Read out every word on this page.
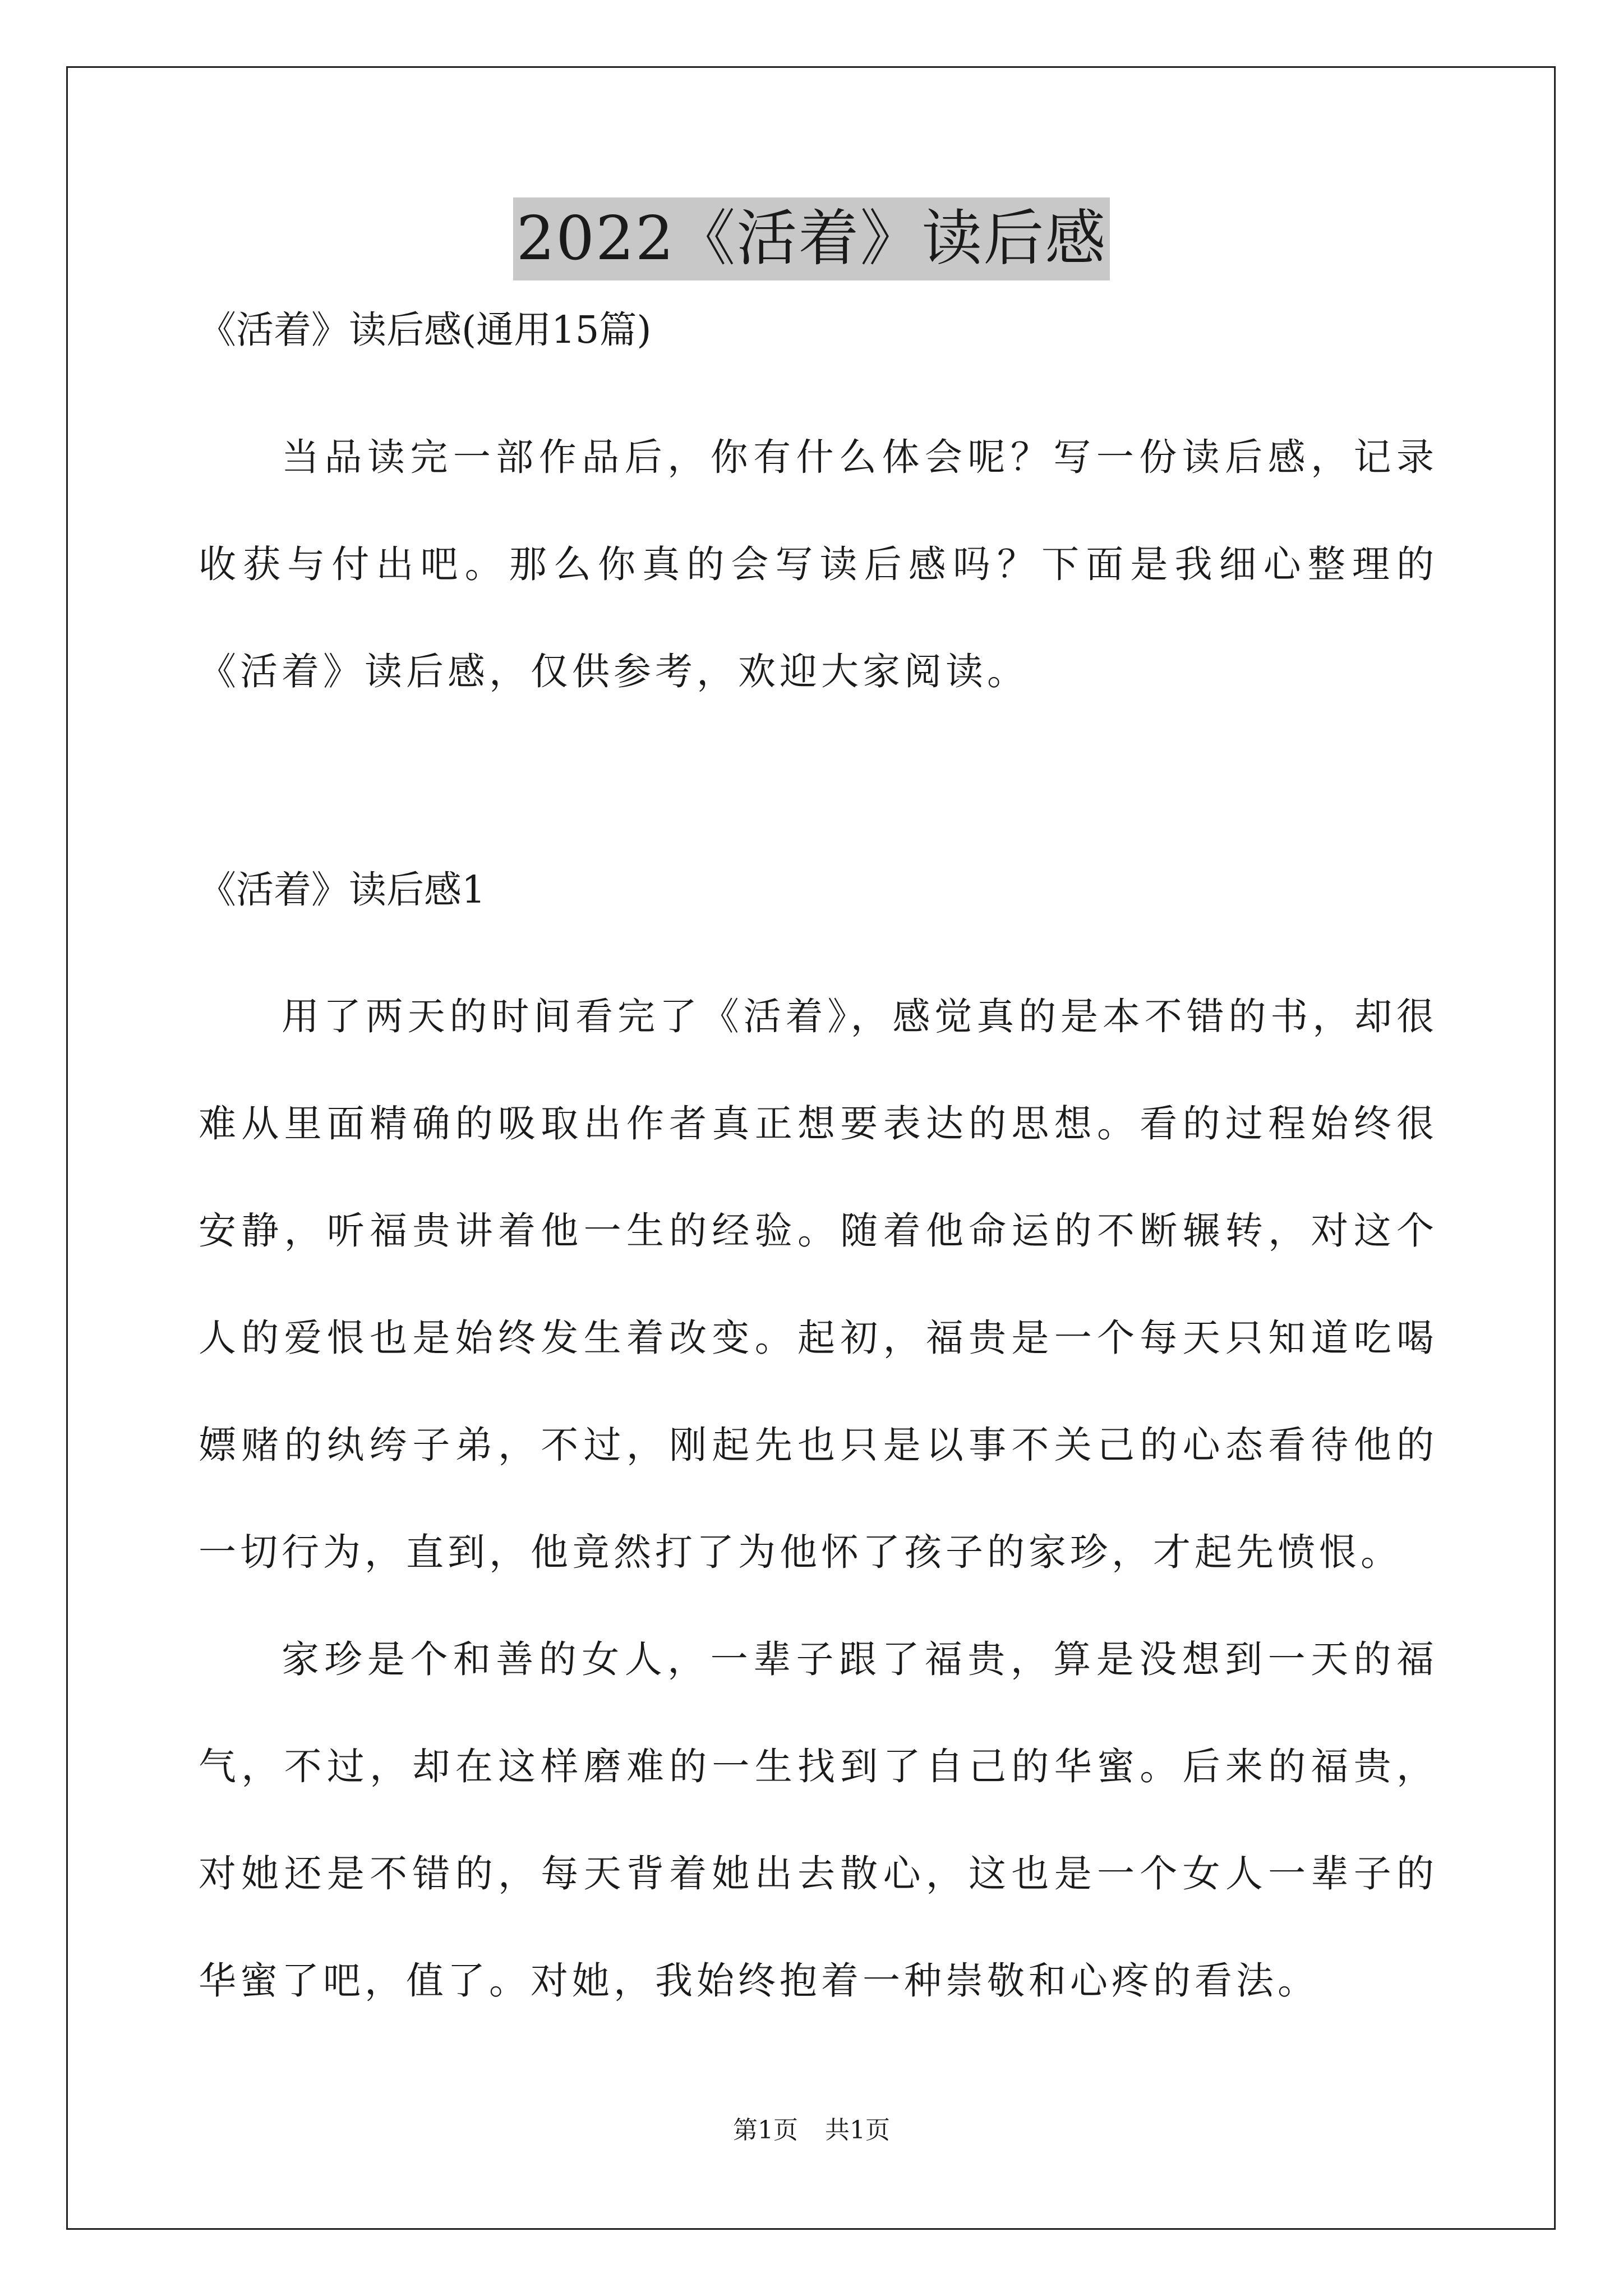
2022《活着》读后感

《活着》读后感(通用15篇)

当品读完一部作品后，你有什么体会呢？写一份读后感，记录收获与付出吧。那么你真的会写读后感吗？下面是我细心整理的《活着》读后感，仅供参考，欢迎大家阅读。

《活着》读后感1

用了两天的时间看完了《活着》，感觉真的是本不错的书，却很难从里面精确的吸取出作者真正想要表达的思想。看的过程始终很安静，听福贵讲着他一生的经验。随着他命运的不断辗转，对这个人的爱恨也是始终发生着改变。起初，福贵是一个每天只知道吃喝嫖赌的纨绔子弟，不过，刚起先也只是以事不关己的心态看待他的一切行为，直到，他竟然打了为他怀了孩子的家珍，才起先愤恨。

家珍是个和善的女人，一辈子跟了福贵，算是没想到一天的福气，不过，却在这样磨难的一生找到了自己的华蜜。后来的福贵，对她还是不错的，每天背着她出去散心，这也是一个女人一辈子的华蜜了吧，值了。对她，我始终抱着一种崇敬和心疼的看法。

第1页 共1页
